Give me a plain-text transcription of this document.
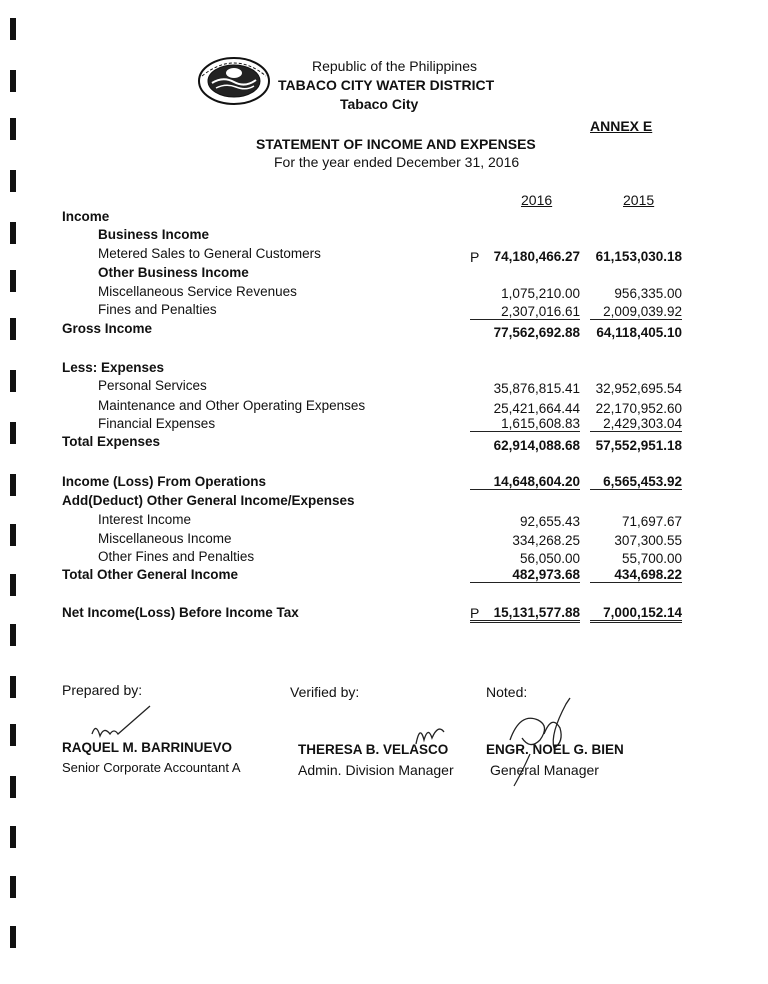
Republic of the Philippines
TABACO CITY WATER DISTRICT
Tabaco City
ANNEX E
STATEMENT OF INCOME AND EXPENSES
For the year ended December 31, 2016
2016	2015
Income
Business Income
Metered Sales to General Customers	P	74,180,466.27	61,153,030.18
Other Business Income
Miscellaneous Service Revenues	1,075,210.00	956,335.00
Fines and Penalties	2,307,016.61	2,009,039.92
Gross Income	77,562,692.88	64,118,405.10
Less: Expenses
Personal Services	35,876,815.41	32,952,695.54
Maintenance and Other Operating Expenses	25,421,664.44	22,170,952.60
Financial Expenses	1,615,608.83	2,429,303.04
Total Expenses	62,914,088.68	57,552,951.18
Income (Loss) From Operations	14,648,604.20	6,565,453.92
Add(Deduct) Other General Income/Expenses
Interest Income	92,655.43	71,697.67
Miscellaneous Income	334,268.25	307,300.55
Other Fines and Penalties	56,050.00	55,700.00
Total Other General Income	482,973.68	434,698.22
Net Income(Loss) Before Income Tax	P	15,131,577.88	7,000,152.14
Prepared by:	Verified by:	Noted:
RAQUEL M. BARRINUEVO
Senior Corporate Accountant A
THERESA B. VELASCO
Admin. Division Manager
ENGR. NOEL G. BIEN
General Manager
